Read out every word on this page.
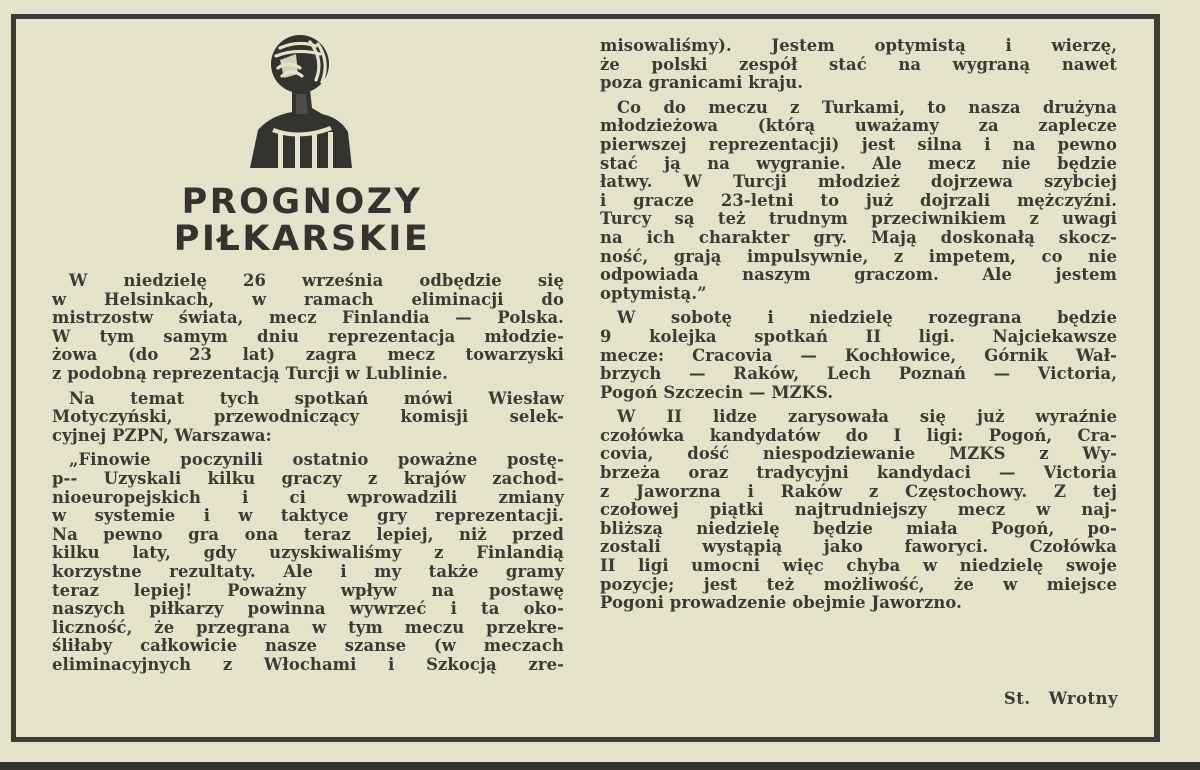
PROGNOZY
PIŁKARSKIE

W niedzielę 26 września odbędzie się
w Helsinkach, w ramach eliminacji do
mistrzostw świata, mecz Finlandia — Polska.
W tym samym dniu reprezentacja młodzie-
żowa (do 23 lat) zagra mecz towarzyski
z podobną reprezentacją Turcji w Lublinie.

Na temat tych spotkań mówi Wiesław
Motyczyński, przewodniczący komisji selek-
cyjnej PZPN, Warszawa:

„Finowie poczynili ostatnio poważne postę-
p-- Uzyskali kilku graczy z krajów zachod-
nioeuropejskich i ci wprowadzili zmiany
w systemie i w taktyce gry reprezentacji.
Na pewno gra ona teraz lepiej, niż przed
kilku laty, gdy uzyskiwaliśmy z Finlandią
korzystne rezultaty. Ale i my także gramy
teraz lepiej! Poważny wpływ na postawę
naszych piłkarzy powinna wywrzeć i ta oko-
liczność, że przegrana w tym meczu przekre-
śliłaby całkowicie nasze szanse (w meczach
eliminacyjnych z Włochami i Szkocją zre-

misowaliśmy). Jestem optymistą i wierzę,
że polski zespół stać na wygraną nawet
poza granicami kraju.

Co do meczu z Turkami, to nasza drużyna
młodzieżowa (którą uważamy za zaplecze
pierwszej reprezentacji) jest silna i na pewno
stać ją na wygranie. Ale mecz nie będzie
łatwy. W Turcji młodzież dojrzewa szybciej
i gracze 23-letni to już dojrzali mężczyźni.
Turcy są też trudnym przeciwnikiem z uwagi
na ich charakter gry. Mają doskonałą skocz-
ność, grają impulsywnie, z impetem, co nie
odpowiada naszym graczom. Ale jestem
optymistą.”

W sobotę i niedzielę rozegrana będzie
9 kolejka spotkań II ligi. Najciekawsze
mecze: Cracovia — Kochłowice, Górnik Wał-
brzych — Raków, Lech Poznań — Victoria,
Pogoń Szczecin — MZKS.

W II lidze zarysowała się już wyraźnie
czołówka kandydatów do I ligi: Pogoń, Cra-
covia, dość niespodziewanie MZKS z Wy-
brzeża oraz tradycyjni kandydaci — Victoria
z Jaworzna i Raków z Częstochowy. Z tej
czołowej piątki najtrudniejszy mecz w naj-
bliższą niedzielę będzie miała Pogoń, po-
zostali wystąpią jako faworyci. Czołówka
II ligi umocni więc chyba w niedzielę swoje
pozycje; jest też możliwość, że w miejsce
Pogoni prowadzenie obejmie Jaworzno.

St. Wrotny
